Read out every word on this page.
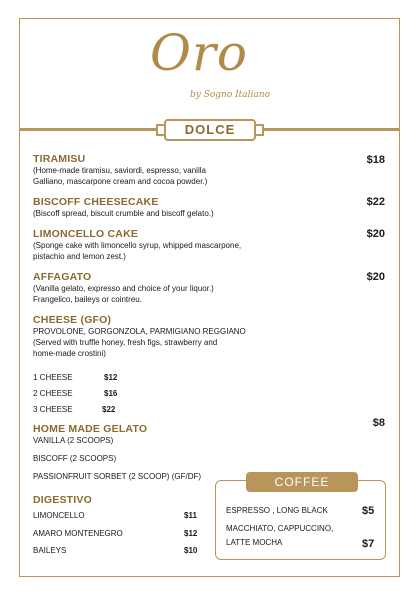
Oro
by Sogno Italiano
DOLCE
TIRAMISU
(Home-made tiramisu, saviordi, espresso, vanilla
Galliano, mascarpone cream and cocoa powder.)
$18
BISCOFF CHEESECAKE
(Biscoff spread, biscuit crumble and biscoff gelato.)
$22
LIMONCELLO CAKE
(Sponge cake with limoncello syrup, whipped mascarpone,
pistachio and lemon zest.)
$20
AFFAGATO
(Vanilla gelato, expresso and choice of your liquor.)
Frangelico, baileys or cointreu.
$20
CHEESE (GFO)
PROVOLONE, GORGONZOLA, PARMIGIANO REGGIANO
(Served with truffle honey, fresh figs, strawberry and
home-made crostini)
1 CHEESE	$12
2 CHEESE	$16
3 CHEESE	$22
HOME MADE GELATO	$8
VANILLA (2 SCOOPS)
BISCOFF (2 SCOOPS)
PASSIONFRUIT SORBET (2 SCOOP) (GF/DF)
DIGESTIVO
LIMONCELLO	$11
AMARO MONTENEGRO	$12
BAILEYS	$10
COFFEE
ESPRESSO , LONG BLACK	$5
MACCHIATO, CAPPUCCINO,
LATTE MOCHA	$7
